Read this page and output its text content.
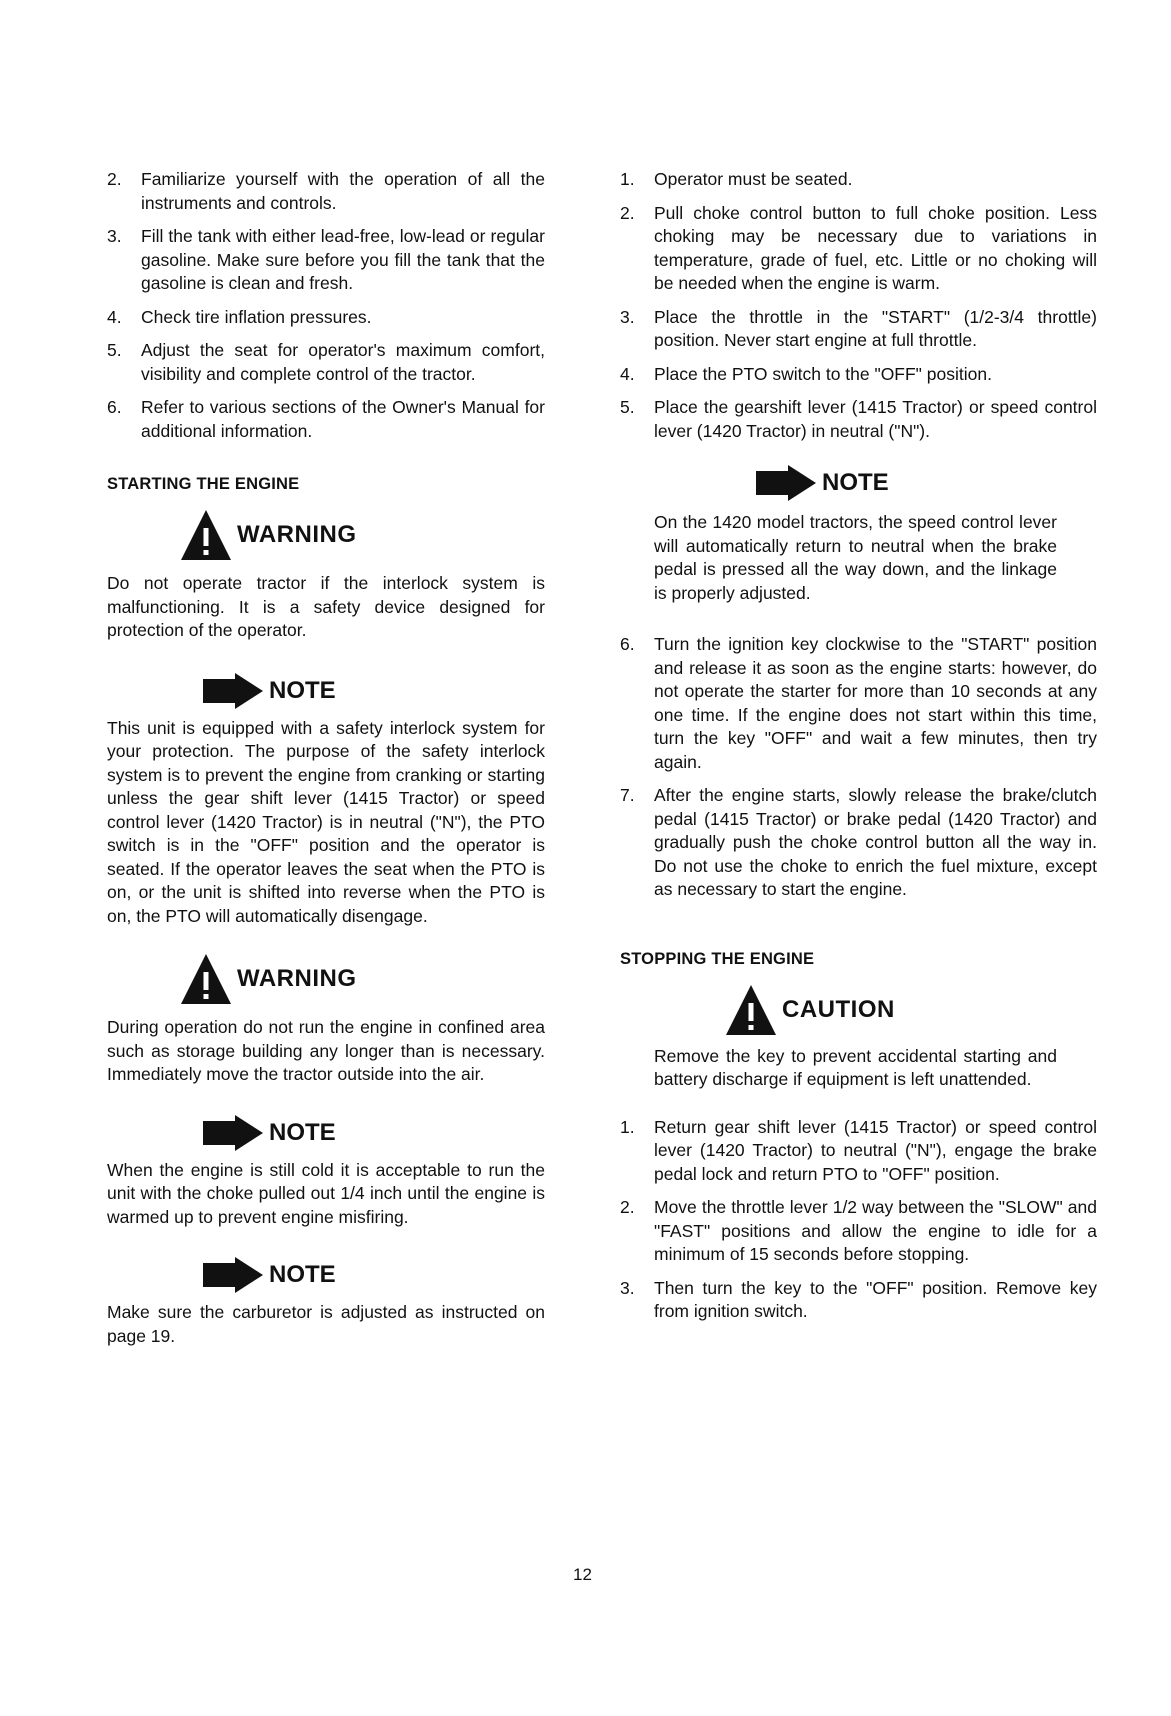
2.	Familiarize yourself with the operation of all the instruments and controls.
3.	Fill the tank with either lead-free, low-lead or regular gasoline. Make sure before you fill the tank that the gasoline is clean and fresh.
4.	Check tire inflation pressures.
5.	Adjust the seat for operator's maximum comfort, visibility and complete control of the tractor.
6.	Refer to various sections of the Owner's Manual for additional information.

STARTING THE ENGINE

WARNING

Do not operate tractor if the interlock system is malfunctioning. It is a safety device designed for protection of the operator.

NOTE

This unit is equipped with a safety interlock system for your protection. The purpose of the safety interlock system is to prevent the engine from cranking or starting unless the gear shift lever (1415 Tractor) or speed control lever (1420 Tractor) is in neutral ("N"), the PTO switch is in the "OFF" position and the operator is seated. If the operator leaves the seat when the PTO is on, or the unit is shifted into reverse when the PTO is on, the PTO will automatically disengage.

WARNING

During operation do not run the engine in confined area such as storage building any longer than is necessary. Immediately move the tractor outside into the air.

NOTE

When the engine is still cold it is acceptable to run the unit with the choke pulled out 1/4 inch until the engine is warmed up to prevent engine misfiring.

NOTE

Make sure the carburetor is adjusted as instructed on page 19.

1.	Operator must be seated.
2.	Pull choke control button to full choke position. Less choking may be necessary due to variations in temperature, grade of fuel, etc. Little or no choking will be needed when the engine is warm.
3.	Place the throttle in the "START" (1/2-3/4 throttle) position. Never start engine at full throttle.
4.	Place the PTO switch to the "OFF" position.
5.	Place the gearshift lever (1415 Tractor) or speed control lever (1420 Tractor) in neutral ("N").
NOTE

On the 1420 model tractors, the speed control lever will automatically return to neutral when the brake pedal is pressed all the way down, and the linkage is properly adjusted.

6.	Turn the ignition key clockwise to the "START" position and release it as soon as the engine starts: however, do not operate the starter for more than 10 seconds at any one time. If the engine does not start within this time, turn the key "OFF" and wait a few minutes, then try again.
7.	After the engine starts, slowly release the brake/clutch pedal (1415 Tractor) or brake pedal (1420 Tractor) and gradually push the choke control button all the way in. Do not use the choke to enrich the fuel mixture, except as necessary to start the engine.

STOPPING THE ENGINE

CAUTION

Remove the key to prevent accidental starting and battery discharge if equipment is left unattended.

1.	Return gear shift lever (1415 Tractor) or speed control lever (1420 Tractor) to neutral ("N"), engage the brake pedal lock and return PTO to "OFF" position.
2.	Move the throttle lever 1/2 way between the "SLOW" and "FAST" positions and allow the engine to idle for a minimum of 15 seconds before stopping.
3.	Then turn the key to the "OFF" position. Remove key from ignition switch.
12
